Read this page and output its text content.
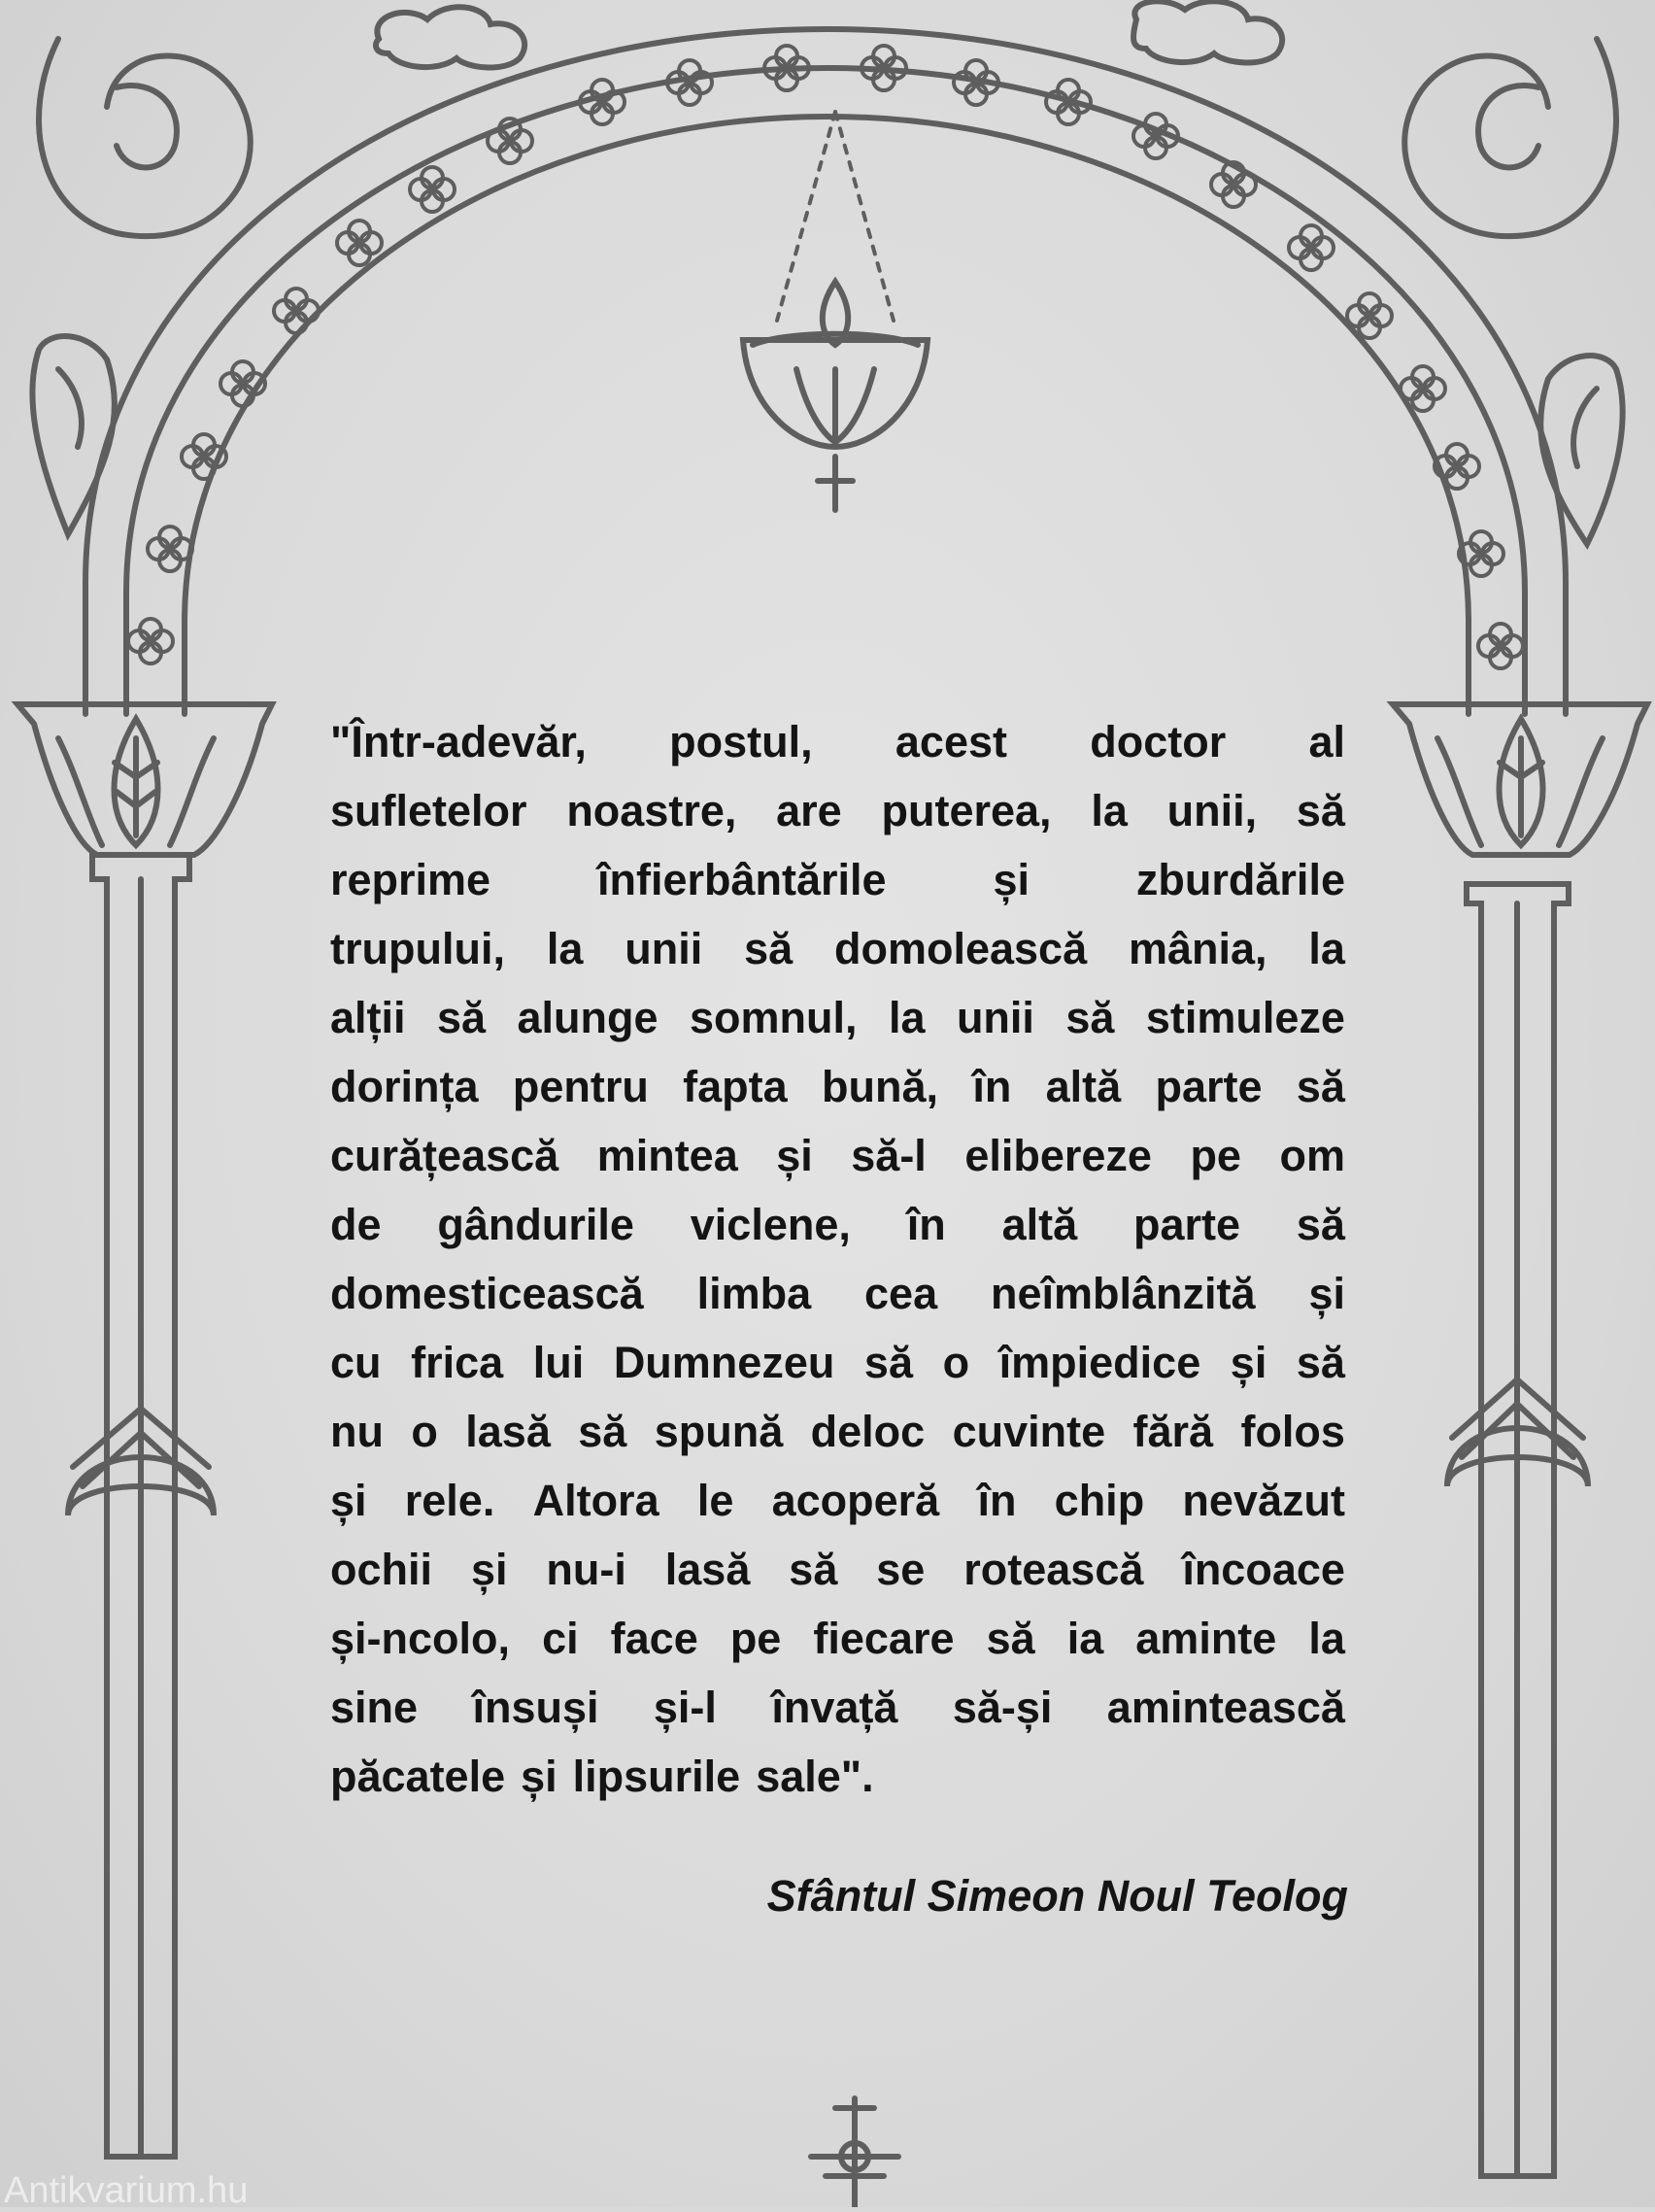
"Într-adevăr, postul, acest doctor al
sufletelor noastre, are puterea, la unii, să
reprime înfierbântările și zburdările
trupului, la unii să domolească mânia, la
alții să alunge somnul, la unii să stimuleze
dorința pentru fapta bună, în altă parte să
curățească mintea și să-l elibereze pe om
de gândurile viclene, în altă parte să
domesticească limba cea neîmblânzită și
cu frica lui Dumnezeu să o împiedice și să
nu o lasă să spună deloc cuvinte fără folos
și rele. Altora le acoperă în chip nevăzut
ochii și nu-i lasă să se rotească încoace
și-ncolo, ci face pe fiecare să ia aminte la
sine însuși și-l învață să-și amintească
păcatele și lipsurile sale".
Sfântul Simeon Noul Teolog
Antikvarium.hu
